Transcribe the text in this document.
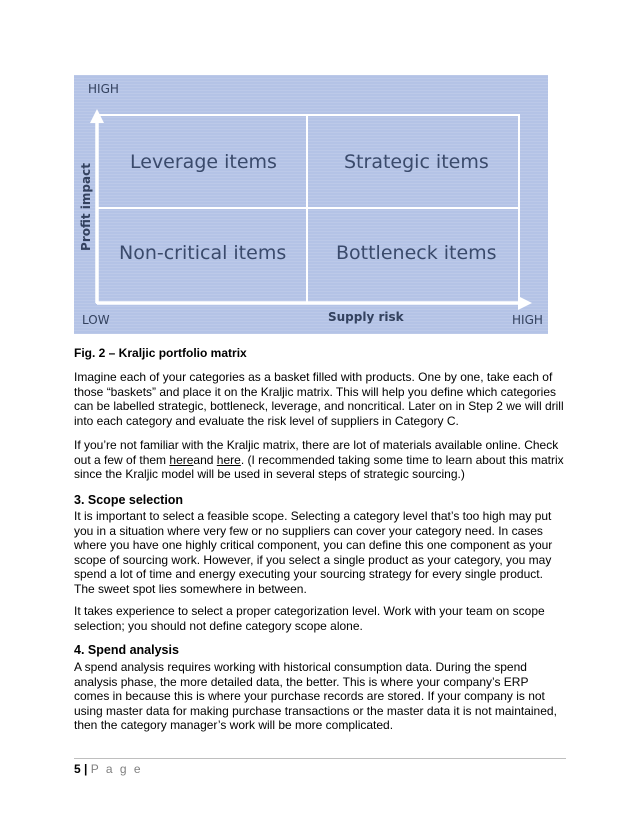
HIGH
LOW	HIGH
Supply risk
Profit impact
Leverage items	Strategic items
Non-critical items	Bottleneck items
Fig. 2 – Kraljic portfolio matrix

Imagine each of your categories as a basket filled with products. One by one, take each of those “baskets” and place it on the Kraljic matrix. This will help you define which categories can be labelled strategic, bottleneck, leverage, and noncritical. Later on in Step 2 we will drill into each category and evaluate the risk level of suppliers in Category C.

If you’re not familiar with the Kraljic matrix, there are lot of materials available online. Check out a few of them hereand here. (I recommended taking some time to learn about this matrix since the Kraljic model will be used in several steps of strategic sourcing.)

3. Scope selection

It is important to select a feasible scope. Selecting a category level that’s too high may put you in a situation where very few or no suppliers can cover your category need. In cases where you have one highly critical component, you can define this one component as your scope of sourcing work. However, if you select a single product as your category, you may spend a lot of time and energy executing your sourcing strategy for every single product. The sweet spot lies somewhere in between.

It takes experience to select a proper categorization level. Work with your team on scope selection; you should not define category scope alone.

4. Spend analysis

A spend analysis requires working with historical consumption data. During the spend analysis phase, the more detailed data, the better. This is where your company’s ERP comes in because this is where your purchase records are stored. If your company is not using master data for making purchase transactions or the master data it is not maintained, then the category manager’s work will be more complicated.

5 | P a g e
